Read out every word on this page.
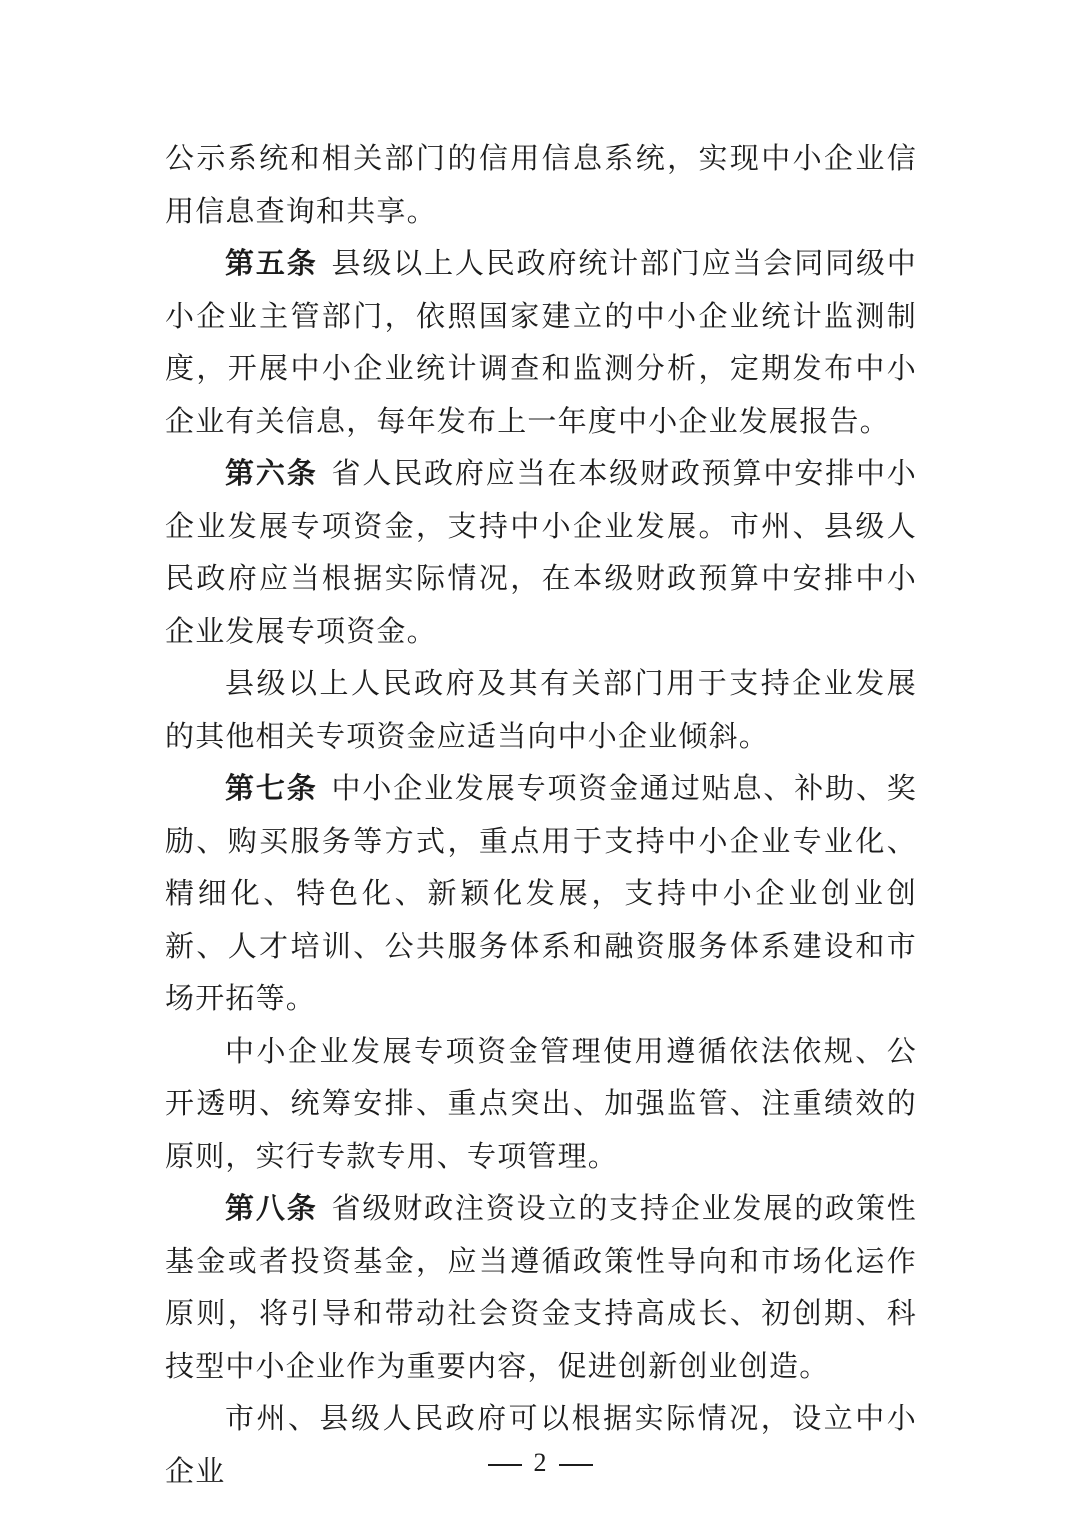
公示系统和相关部门的信用信息系统，实现中小企业信用信息查询和共享。

第五条 县级以上人民政府统计部门应当会同同级中小企业主管部门，依照国家建立的中小企业统计监测制度，开展中小企业统计调查和监测分析，定期发布中小企业有关信息，每年发布上一年度中小企业发展报告。

第六条 省人民政府应当在本级财政预算中安排中小企业发展专项资金，支持中小企业发展。市州、县级人民政府应当根据实际情况，在本级财政预算中安排中小企业发展专项资金。

县级以上人民政府及其有关部门用于支持企业发展的其他相关专项资金应适当向中小企业倾斜。

第七条 中小企业发展专项资金通过贴息、补助、奖励、购买服务等方式，重点用于支持中小企业专业化、精细化、特色化、新颖化发展，支持中小企业创业创新、人才培训、公共服务体系和融资服务体系建设和市场开拓等。

中小企业发展专项资金管理使用遵循依法依规、公开透明、统筹安排、重点突出、加强监管、注重绩效的原则，实行专款专用、专项管理。

第八条 省级财政注资设立的支持企业发展的政策性基金或者投资基金，应当遵循政策性导向和市场化运作原则，将引导和带动社会资金支持高成长、初创期、科技型中小企业作为重要内容，促进创新创业创造。

市州、县级人民政府可以根据实际情况，设立中小企业	2
